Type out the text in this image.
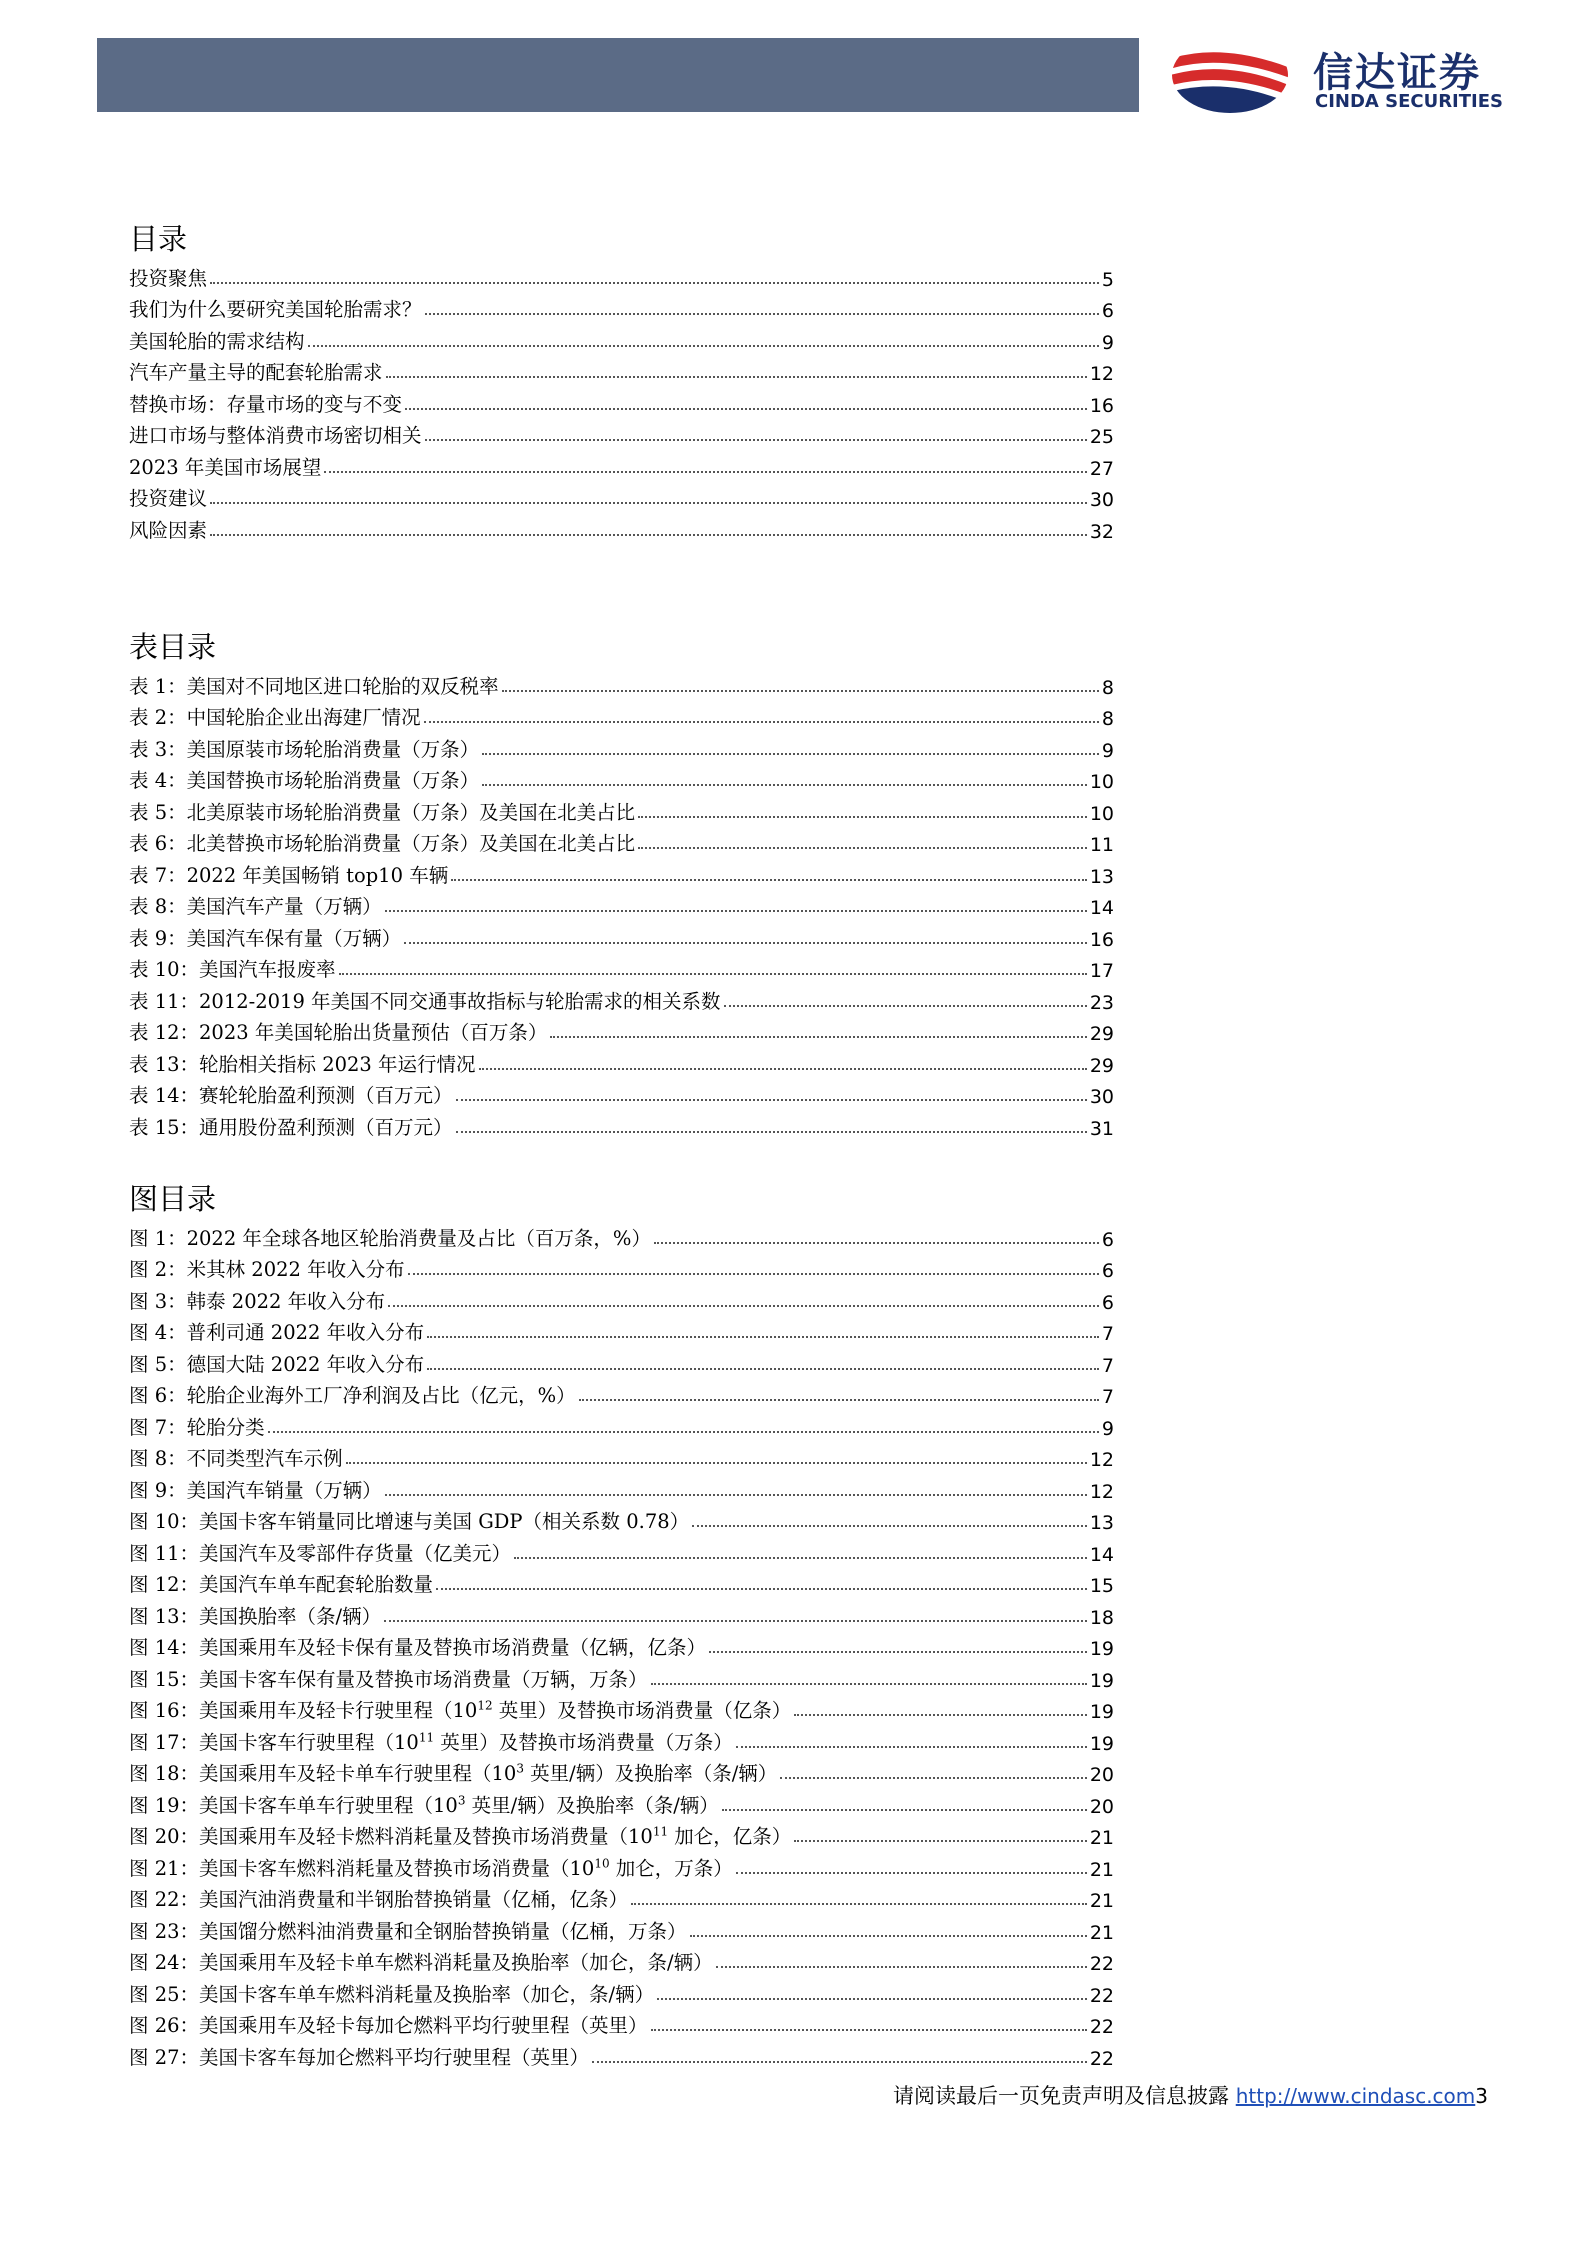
信达证券
CINDA SECURITIES
目录
投资聚焦	5
我们为什么要研究美国轮胎需求？	6
美国轮胎的需求结构	9
汽车产量主导的配套轮胎需求	12
替换市场：存量市场的变与不变	16
进口市场与整体消费市场密切相关	25
2023 年美国市场展望	27
投资建议	30
风险因素	32
表目录
表 1：美国对不同地区进口轮胎的双反税率	8
表 2：中国轮胎企业出海建厂情况	8
表 3：美国原装市场轮胎消费量（万条）	9
表 4：美国替换市场轮胎消费量（万条）	10
表 5：北美原装市场轮胎消费量（万条）及美国在北美占比	10
表 6：北美替换市场轮胎消费量（万条）及美国在北美占比	11
表 7：2022 年美国畅销 top10 车辆	13
表 8：美国汽车产量（万辆）	14
表 9：美国汽车保有量（万辆）	16
表 10：美国汽车报废率	17
表 11：2012-2019 年美国不同交通事故指标与轮胎需求的相关系数	23
表 12：2023 年美国轮胎出货量预估（百万条）	29
表 13：轮胎相关指标 2023 年运行情况	29
表 14：赛轮轮胎盈利预测（百万元）	30
表 15：通用股份盈利预测（百万元）	31
图目录
图 1：2022 年全球各地区轮胎消费量及占比（百万条，%）	6
图 2：米其林 2022 年收入分布	6
图 3：韩泰 2022 年收入分布	6
图 4：普利司通 2022 年收入分布	7
图 5：德国大陆 2022 年收入分布	7
图 6：轮胎企业海外工厂净利润及占比（亿元，%）	7
图 7：轮胎分类	9
图 8：不同类型汽车示例	12
图 9：美国汽车销量（万辆）	12
图 10：美国卡客车销量同比增速与美国 GDP（相关系数 0.78）	13
图 11：美国汽车及零部件存货量（亿美元）	14
图 12：美国汽车单车配套轮胎数量	15
图 13：美国换胎率（条/辆）	18
图 14：美国乘用车及轻卡保有量及替换市场消费量（亿辆，亿条）	19
图 15：美国卡客车保有量及替换市场消费量（万辆，万条）	19
图 16：美国乘用车及轻卡行驶里程（$10^{12}$ 英里）及替换市场消费量（亿条）	19
图 17：美国卡客车行驶里程（$10^{11}$ 英里）及替换市场消费量（万条）	19
图 18：美国乘用车及轻卡单车行驶里程（$10^3$ 英里/辆）及换胎率（条/辆）	20
图 19：美国卡客车单车行驶里程（$10^3$ 英里/辆）及换胎率（条/辆）	20
图 20：美国乘用车及轻卡燃料消耗量及替换市场消费量（$10^{11}$ 加仑，亿条）	21
图 21：美国卡客车燃料消耗量及替换市场消费量（$10^{10}$ 加仑，万条）	21
图 22：美国汽油消费量和半钢胎替换销量（亿桶，亿条）	21
图 23：美国馏分燃料油消费量和全钢胎替换销量（亿桶，万条）	21
图 24：美国乘用车及轻卡单车燃料消耗量及换胎率（加仑，条/辆）	22
图 25：美国卡客车单车燃料消耗量及换胎率（加仑，条/辆）	22
图 26：美国乘用车及轻卡每加仑燃料平均行驶里程（英里）	22
图 27：美国卡客车每加仑燃料平均行驶里程（英里）	22
请阅读最后一页免责声明及信息披露 http://www.cindasc.com3
